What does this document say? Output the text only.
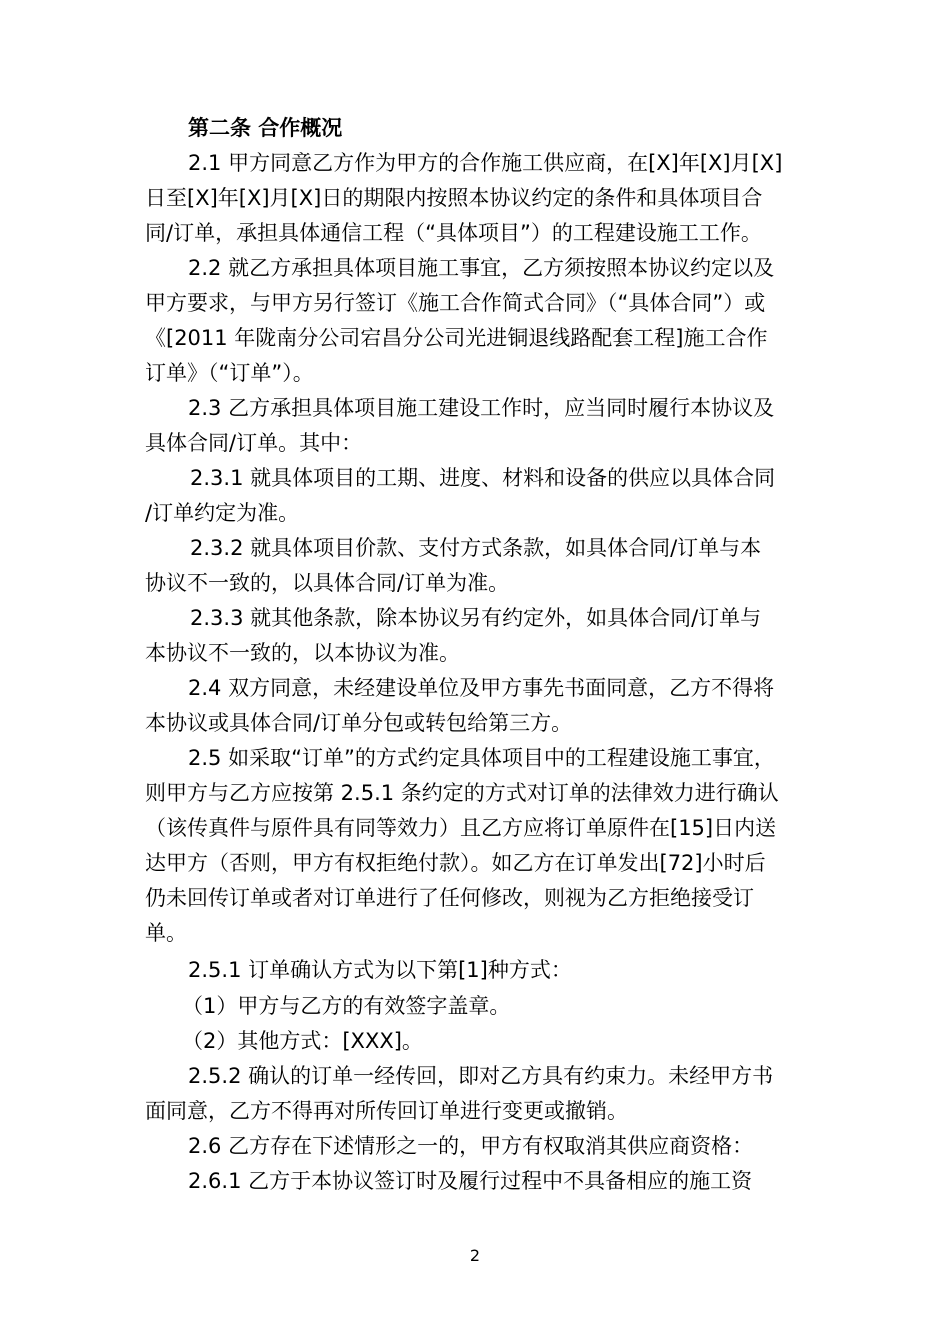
第二条 合作概况
2.1 甲方同意乙方作为甲方的合作施工供应商，在[X]年[X]月[X]
日至[X]年[X]月[X]日的期限内按照本协议约定的条件和具体项目合
同/订单，承担具体通信工程（“具体项目”）的工程建设施工工作。
2.2 就乙方承担具体项目施工事宜，乙方须按照本协议约定以及
甲方要求，与甲方另行签订《施工合作简式合同》（“具体合同”）或
《[2011 年陇南分公司宕昌分公司光进铜退线路配套工程]施工合作
订单》（“订单”）。
2.3 乙方承担具体项目施工建设工作时，应当同时履行本协议及
具体合同/订单。其中：
2.3.1 就具体项目的工期、进度、材料和设备的供应以具体合同
/订单约定为准。
2.3.2 就具体项目价款、支付方式条款，如具体合同/订单与本
协议不一致的，以具体合同/订单为准。
2.3.3 就其他条款，除本协议另有约定外，如具体合同/订单与
本协议不一致的，以本协议为准。
2.4 双方同意，未经建设单位及甲方事先书面同意，乙方不得将
本协议或具体合同/订单分包或转包给第三方。
2.5 如采取“订单”的方式约定具体项目中的工程建设施工事宜，
则甲方与乙方应按第 2.5.1 条约定的方式对订单的法律效力进行确认
（该传真件与原件具有同等效力）且乙方应将订单原件在[15]日内送
达甲方（否则，甲方有权拒绝付款）。如乙方在订单发出[72]小时后
仍未回传订单或者对订单进行了任何修改，则视为乙方拒绝接受订
单。
2.5.1 订单确认方式为以下第[1]种方式：
（1）甲方与乙方的有效签字盖章。
（2）其他方式：[XXX]。
2.5.2 确认的订单一经传回，即对乙方具有约束力。未经甲方书
面同意，乙方不得再对所传回订单进行变更或撤销。
2.6 乙方存在下述情形之一的，甲方有权取消其供应商资格：
2.6.1 乙方于本协议签订时及履行过程中不具备相应的施工资
2
